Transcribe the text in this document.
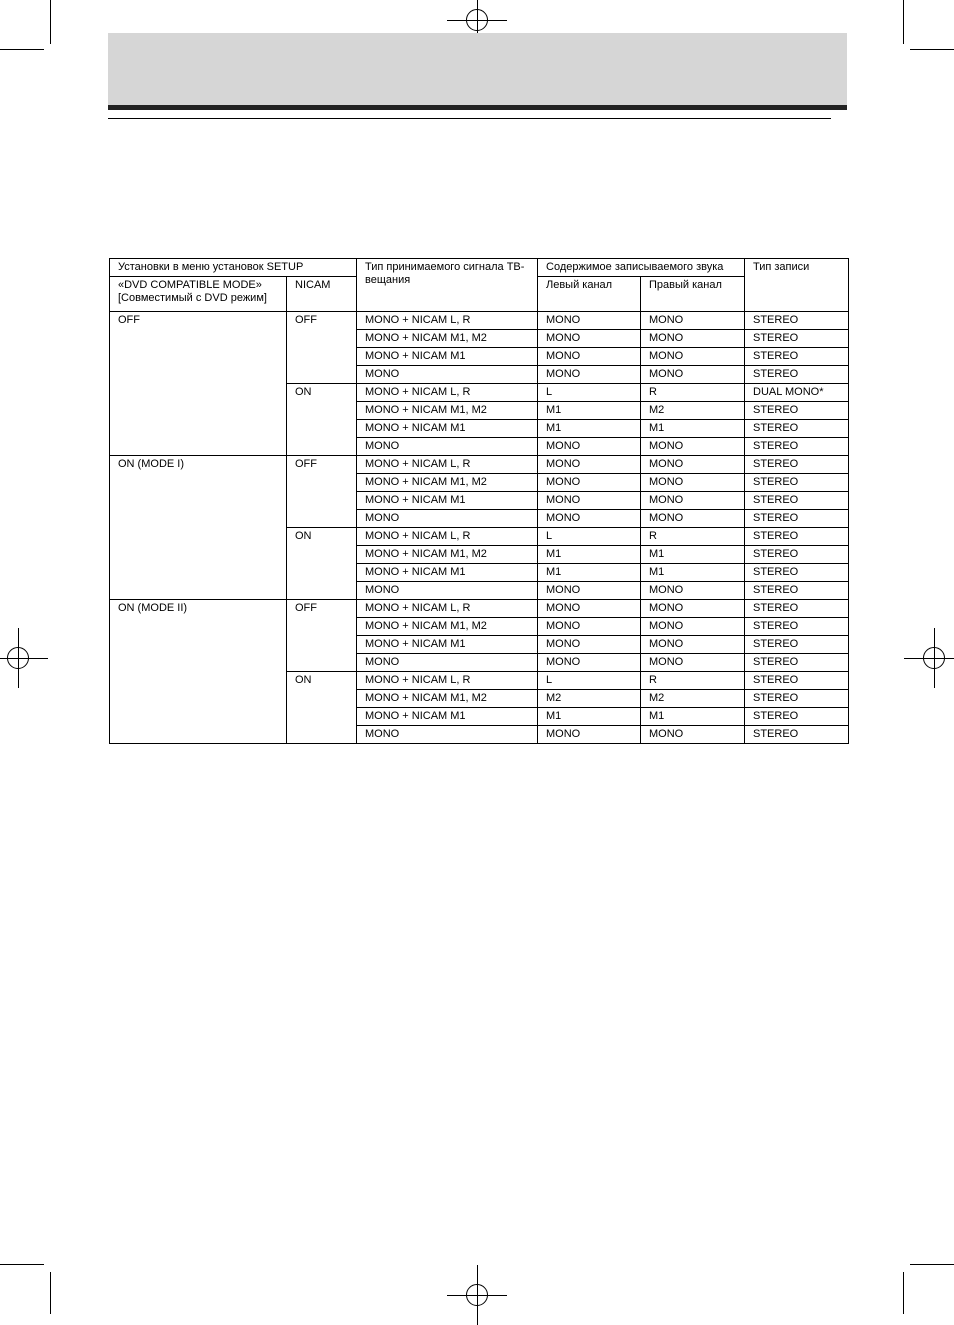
Установки в меню установок SETUP		Тип принимаемого сигнала ТВ-вещания	Содержимое записываемого звука		Тип записи

«DVD COMPATIBLE MODE»
[Совместимый с DVD режим]	NICAM		Левый канал	Правый канал	
OFF	OFF	MONO + NICAM L, R	MONO	MONO	STEREO
		MONO + NICAM M1, M2	MONO	MONO	STEREO
		MONO + NICAM M1	MONO	MONO	STEREO
		MONO	MONO	MONO	STEREO
	ON	MONO + NICAM L, R	L	R	DUAL MONO*
		MONO + NICAM M1, M2	M1	M2	STEREO
		MONO + NICAM M1	M1	M1	STEREO
		MONO	MONO	MONO	STEREO
ON (MODE I)	OFF	MONO + NICAM L, R	MONO	MONO	STEREO
		MONO + NICAM M1, M2	MONO	MONO	STEREO
		MONO + NICAM M1	MONO	MONO	STEREO
		MONO	MONO	MONO	STEREO
	ON	MONO + NICAM L, R	L	R	STEREO
		MONO + NICAM M1, M2	M1	M1	STEREO
		MONO + NICAM M1	M1	M1	STEREO
		MONO	MONO	MONO	STEREO
ON (MODE II)	OFF	MONO + NICAM L, R	MONO	MONO	STEREO
		MONO + NICAM M1, M2	MONO	MONO	STEREO
		MONO + NICAM M1	MONO	MONO	STEREO
		MONO	MONO	MONO	STEREO
	ON	MONO + NICAM L, R	L	R	STEREO
		MONO + NICAM M1, M2	M2	M2	STEREO
		MONO + NICAM M1	M1	M1	STEREO
		MONO	MONO	MONO	STEREO
